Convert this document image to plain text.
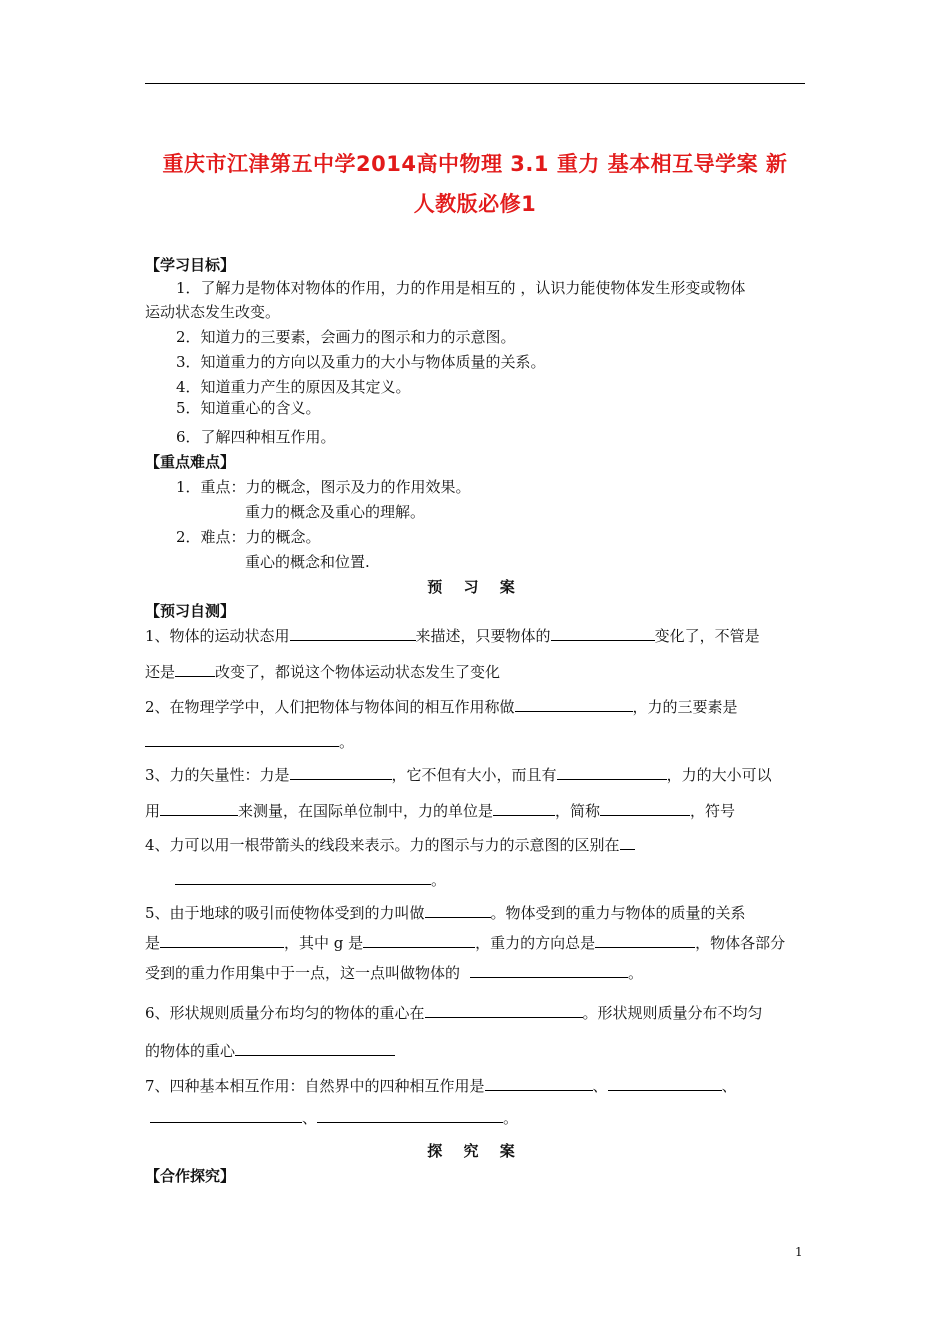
重庆市江津第五中学2014高中物理 3.1 重力 基本相互导学案 新
人教版必修1
【学习目标】
1．了解力是物体对物体的作用，力的作用是相互的 ，认识力能使物体发生形变或物体
运动状态发生改变。
2．知道力的三要素，会画力的图示和力的示意图。
3．知道重力的方向以及重力的大小与物体质量的关系。
4．知道重力产生的原因及其定义。
5．知道重心的含义。
6．了解四种相互作用。
【重点难点】
1．重点：力的概念，图示及力的作用效果。
重力的概念及重心的理解。
2．难点：力的概念。
重心的概念和位置.
预 习 案
【预习自测】
1、物体的运动状态用	来描述，只要物体的	变化了，不管是
还是	改变了，都说这个物体运动状态发生了变化
2、在物理学学中，人们把物体与物体间的相互作用称做	，力的三要素是
。
3、力的矢量性：力是	，它不但有大小，而且有	，力的大小可以
用	来测量，在国际单位制中，力的单位是	，简称	，符号
4、力可以用一根带箭头的线段来表示。力的图示与力的示意图的区别在
。
5、由于地球的吸引而使物体受到的力叫做	。物体受到的重力与物体的质量的关系
是	，其中 g 是	，重力的方向总是	，物体各部分
受到的重力作用集中于一点，这一点叫做物体的	。
6、形状规则质量分布均匀的物体的重心在	。形状规则质量分布不均匀
的物体的重心
7、四种基本相互作用：自然界中的四种相互作用是	、	、
、	。
探 究 案
【合作探究】
1
